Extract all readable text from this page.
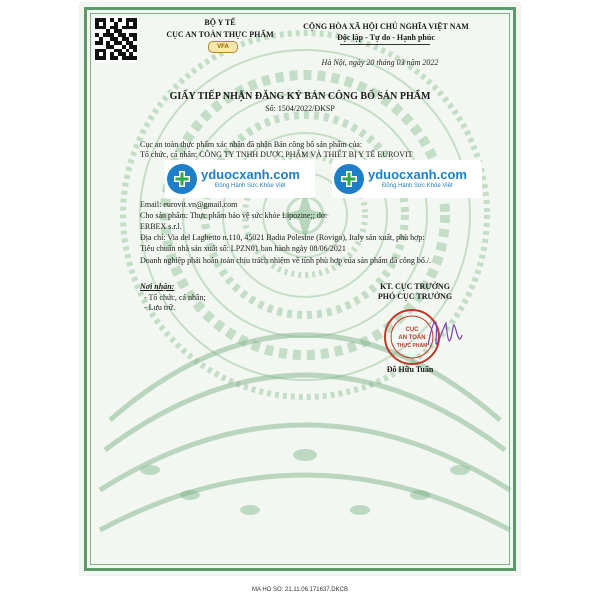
BỘ Y TẾ
CỤC AN TOÀN THỰC PHẨM
VFA
CỘNG HÒA XÃ HỘI CHỦ NGHĨA VIỆT NAM
Độc lập - Tự do - Hạnh phúc
Hà Nội, ngày 20 tháng 03 năm 2022
GIẤY TIẾP NHẬN ĐĂNG KÝ BẢN CÔNG BỐ SẢN PHẨM
Số: 1504/2022/ĐKSP
Cục an toàn thực phẩm xác nhận đã nhận Bản công bố sản phẩm của:
Tổ chức, cá nhân: CÔNG TY TNHH DƯỢC PHẨM VÀ THIẾT BỊ Y TẾ EUROVIT
Email: eurovit.vn@gmail.com
Cho sản phẩm: Thực phẩm bảo vệ sức khỏe Lipozine;; do:
ERBEX s.r.l.
Địa chỉ: Via del Laghetto n.110, 45021 Badia Polesine (Rovigo), Italy sản xuất, phù hợp:
Tiêu chuẩn nhà sản xuất số: LPZN01 ban hành ngày 08/06/2021
Doanh nghiệp phải hoàn toàn chịu trách nhiệm về tính phù hợp của sản phẩm đã công bố./.
yduocxanh.com
Đồng Hành Sức Khỏe Việt
yduocxanh.com
Đồng Hành Sức Khỏe Việt
Nơi nhận:
- Tổ chức, cá nhân;
- Lưu trữ.
KT. CỤC TRƯỞNG
PHÓ CỤC TRƯỞNG
CỤC
AN TOÀN
THỰC PHẨM
Đỗ Hữu Tuấn
MA HO SO: 21.11.06.171637.DKCB
